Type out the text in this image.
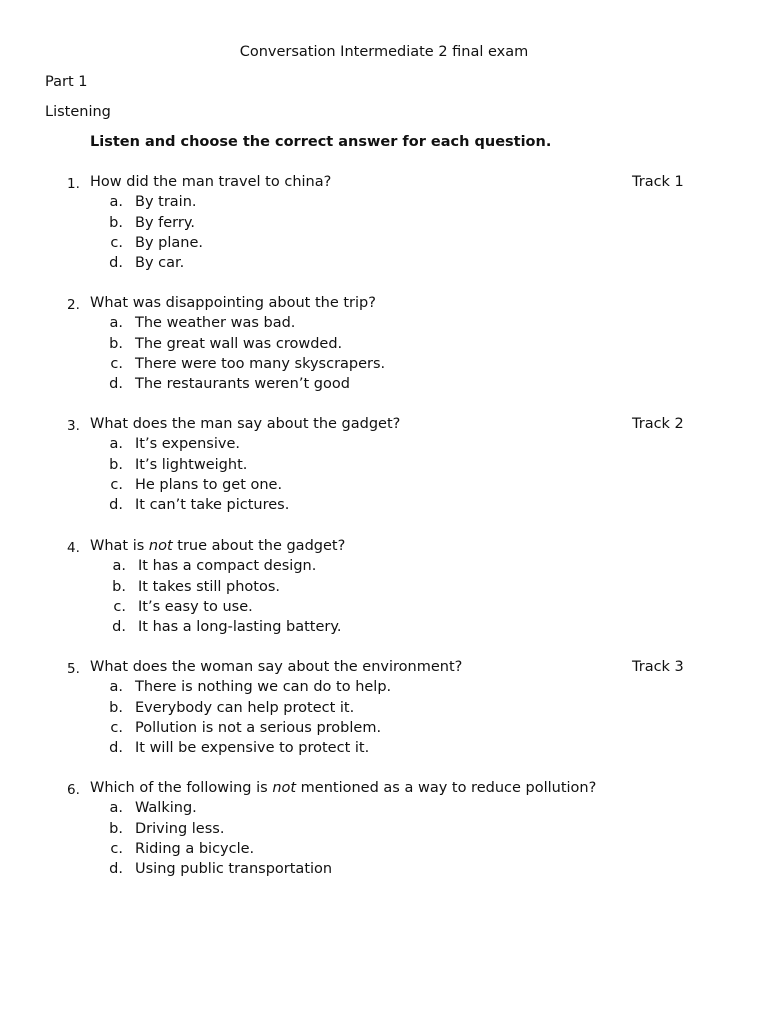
Conversation Intermediate 2 final exam
Part 1
Listening
Listen and choose the correct answer for each question.
1. How did the man travel to china?	Track 1
a. By train.
b. By ferry.
c. By plane.
d. By car.
2. What was disappointing about the trip?
a. The weather was bad.
b. The great wall was crowded.
c. There were too many skyscrapers.
d. The restaurants weren’t good
3. What does the man say about the gadget?	Track 2
a. It’s expensive.
b. It’s lightweight.
c. He plans to get one.
d. It can’t take pictures.
4. What is not true about the gadget?
a. It has a compact design.
b. It takes still photos.
c. It’s easy to use.
d. It has a long-lasting battery.
5. What does the woman say about the environment?	Track 3
a. There is nothing we can do to help.
b. Everybody can help protect it.
c. Pollution is not a serious problem.
d. It will be expensive to protect it.
6. Which of the following is not mentioned as a way to reduce pollution?
a. Walking.
b. Driving less.
c. Riding a bicycle.
d. Using public transportation
